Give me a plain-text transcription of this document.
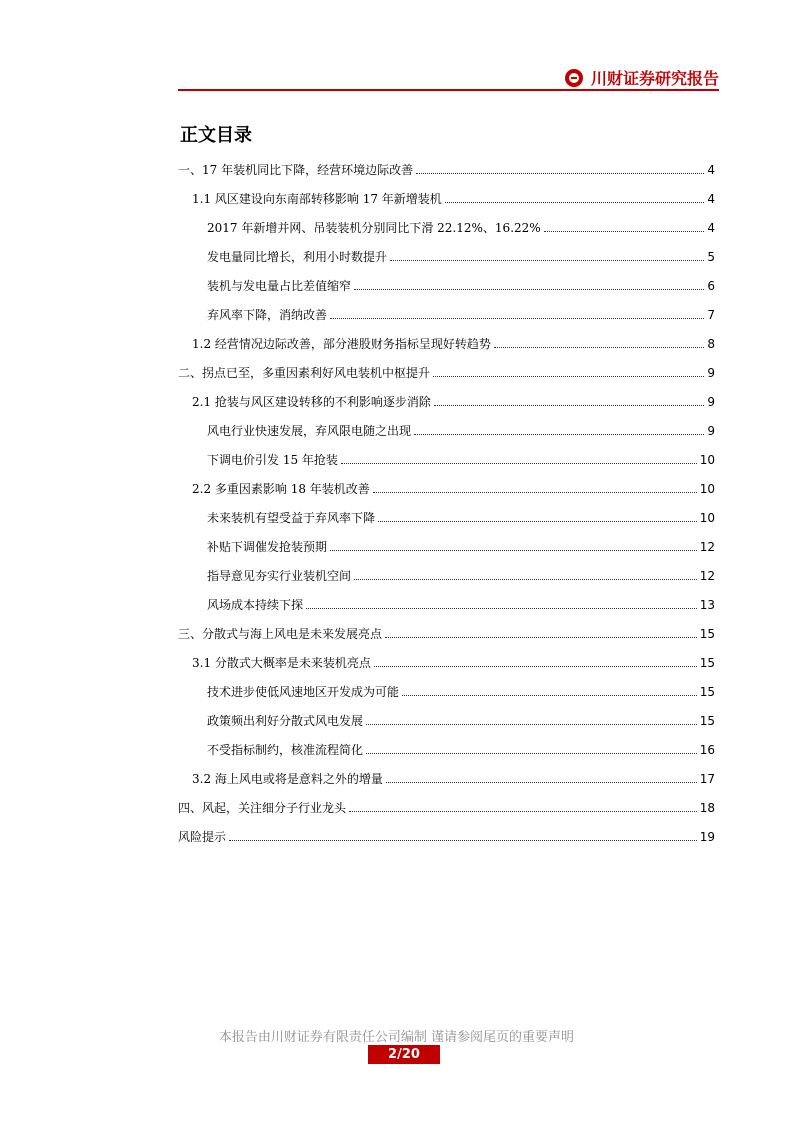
川财证券研究报告
正文目录
一、17 年装机同比下降，经营环境边际改善	4
1.1 风区建设向东南部转移影响 17 年新增装机	4
2017 年新增并网、吊装装机分别同比下滑 22.12%、16.22%	4
发电量同比增长，利用小时数提升	5
装机与发电量占比差值缩窄	6
弃风率下降，消纳改善	7
1.2 经营情况边际改善，部分港股财务指标呈现好转趋势	8
二、拐点已至，多重因素利好风电装机中枢提升	9
2.1 抢装与风区建设转移的不利影响逐步消除	9
风电行业快速发展，弃风限电随之出现	9
下调电价引发 15 年抢装	10
2.2 多重因素影响 18 年装机改善	10
未来装机有望受益于弃风率下降	10
补贴下调催发抢装预期	12
指导意见夯实行业装机空间	12
风场成本持续下探	13
三、分散式与海上风电是未来发展亮点	15
3.1 分散式大概率是未来装机亮点	15
技术进步使低风速地区开发成为可能	15
政策频出利好分散式风电发展	15
不受指标制约，核准流程简化	16
3.2 海上风电或将是意料之外的增量	17
四、风起，关注细分子行业龙头	18
风险提示	19
本报告由川财证券有限责任公司编制 谨请参阅尾页的重要声明
2/20
